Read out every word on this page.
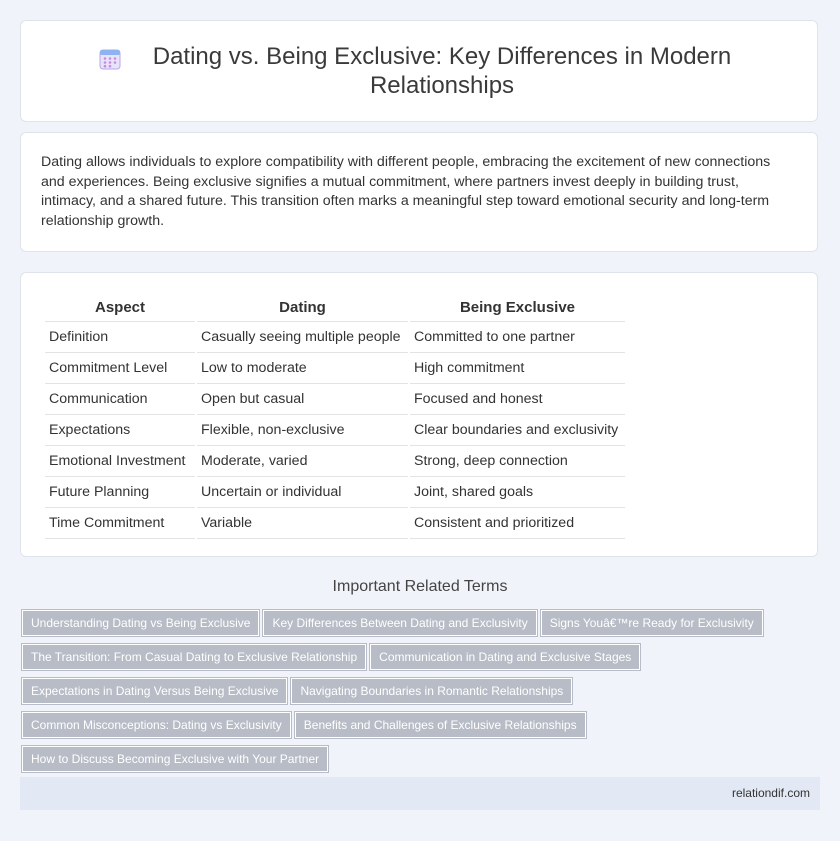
Dating vs. Being Exclusive: Key Differences in Modern Relationships

Dating allows individuals to explore compatibility with different people, embracing the excitement of new connections and experiences. Being exclusive signifies a mutual commitment, where partners invest deeply in building trust, intimacy, and a shared future. This transition often marks a meaningful step toward emotional security and long-term relationship growth.

Aspect	Dating	Being Exclusive
Definition	Casually seeing multiple people	Committed to one partner
Commitment Level	Low to moderate	High commitment
Communication	Open but casual	Focused and honest
Expectations	Flexible, non-exclusive	Clear boundaries and exclusivity
Emotional Investment	Moderate, varied	Strong, deep connection
Future Planning	Uncertain or individual	Joint, shared goals
Time Commitment	Variable	Consistent and prioritized
Important Related Terms
Understanding Dating vs Being Exclusive Key Differences Between Dating and Exclusivity Signs Youâ€™re Ready for Exclusivity
The Transition: From Casual Dating to Exclusive Relationship Communication in Dating and Exclusive Stages
Expectations in Dating Versus Being Exclusive Navigating Boundaries in Romantic Relationships
Common Misconceptions: Dating vs Exclusivity Benefits and Challenges of Exclusive Relationships
How to Discuss Becoming Exclusive with Your Partner
relationdif.com
